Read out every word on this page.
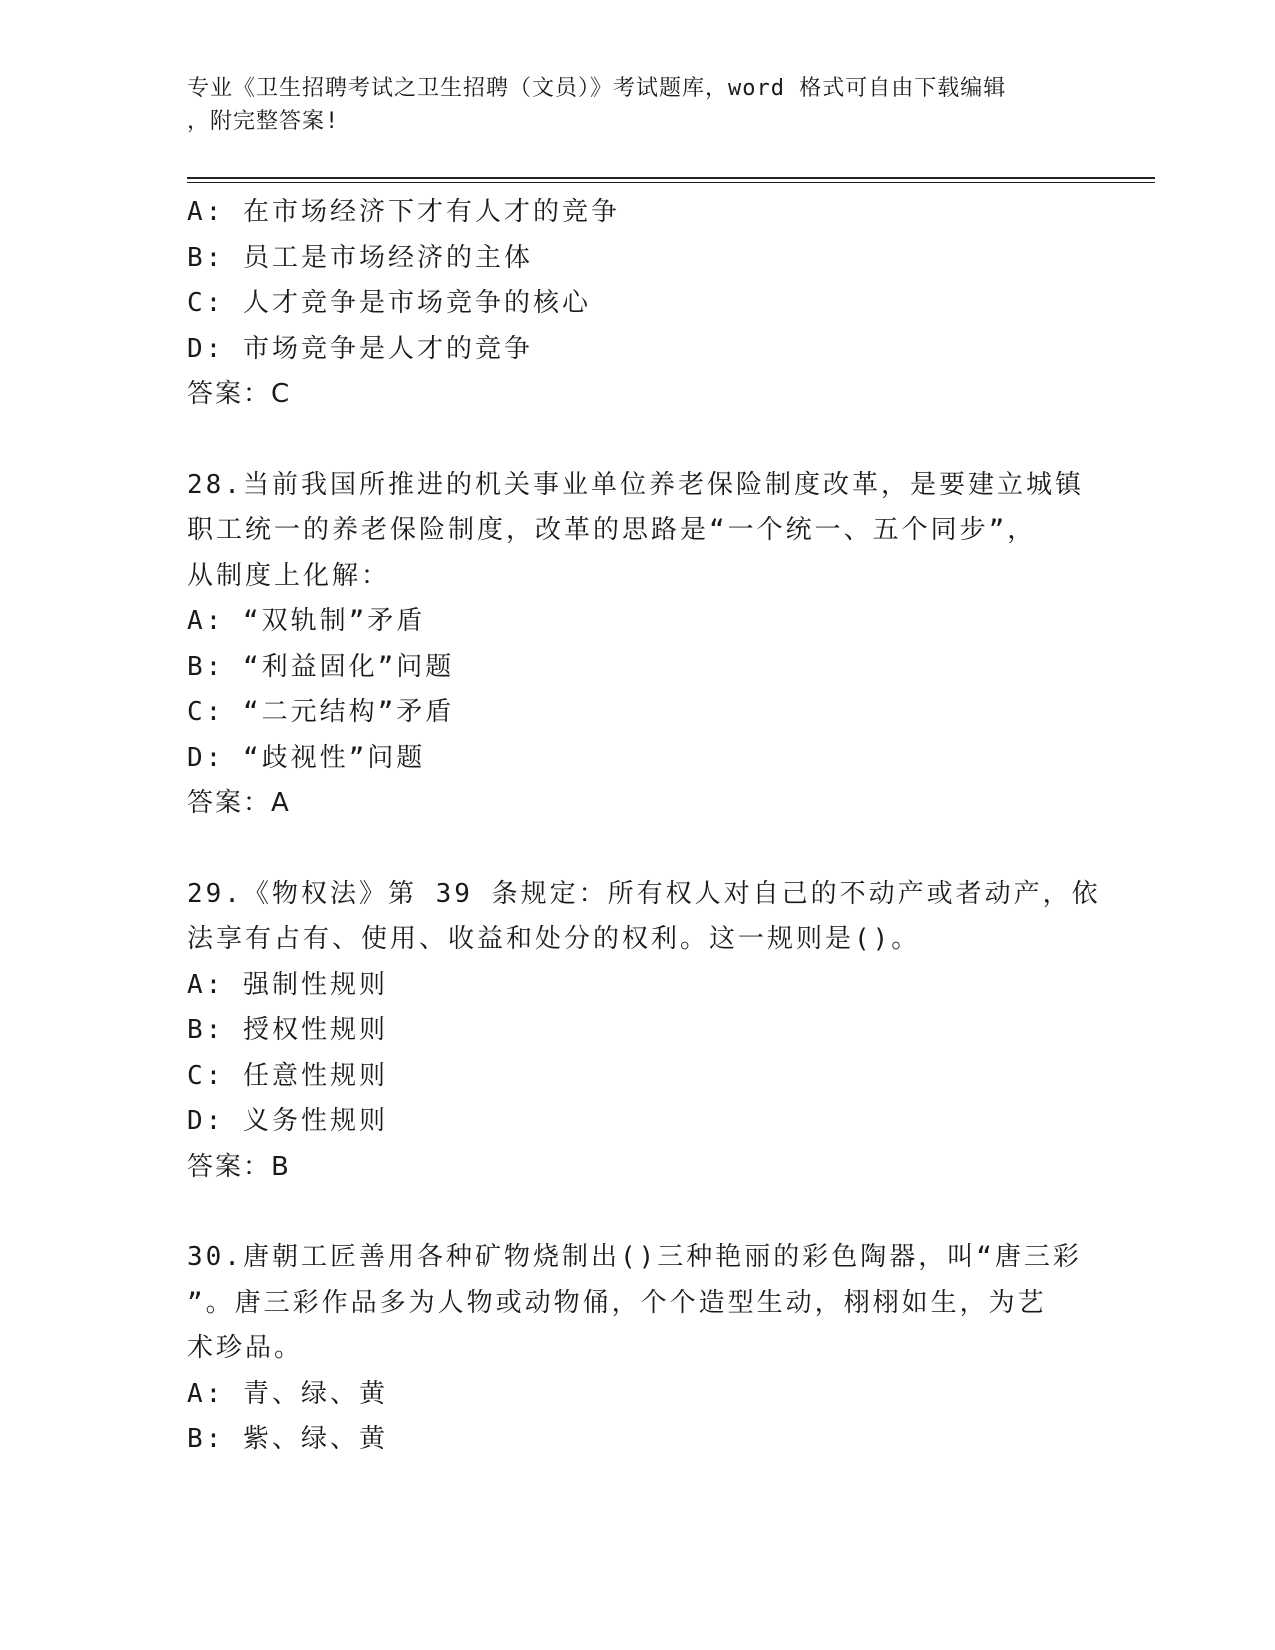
专业《卫生招聘考试之卫生招聘（文员）》考试题库，word 格式可自由下载编辑
，附完整答案!
A: 在市场经济下才有人才的竞争
B: 员工是市场经济的主体
C: 人才竞争是市场竞争的核心
D: 市场竞争是人才的竞争
答案：C
28.当前我国所推进的机关事业单位养老保险制度改革，是要建立城镇
职工统一的养老保险制度，改革的思路是“一个统一、五个同步”，
从制度上化解：
A: “双轨制”矛盾
B: “利益固化”问题
C: “二元结构”矛盾
D: “歧视性”问题
答案：A
29.《物权法》第 39 条规定：所有权人对自己的不动产或者动产，依
法享有占有、使用、收益和处分的权利。这一规则是()。
A: 强制性规则
B: 授权性规则
C: 任意性规则
D: 义务性规则
答案：B
30.唐朝工匠善用各种矿物烧制出()三种艳丽的彩色陶器，叫“唐三彩
”。唐三彩作品多为人物或动物俑，个个造型生动，栩栩如生，为艺
术珍品。
A: 青、绿、黄
B: 紫、绿、黄
